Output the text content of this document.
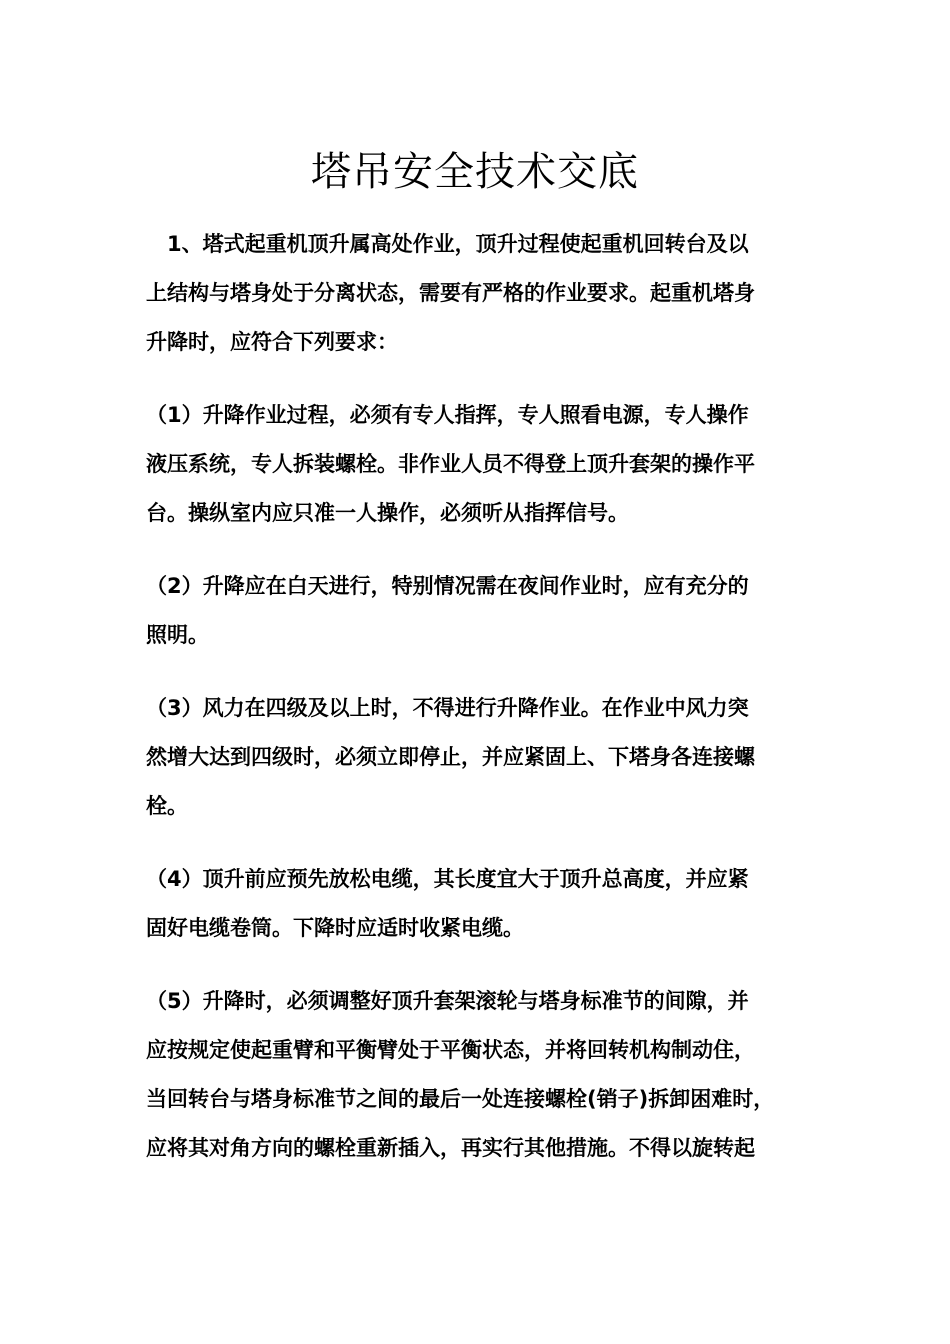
塔吊安全技术交底

　1、塔式起重机顶升属高处作业，顶升过程使起重机回转台及以
上结构与塔身处于分离状态，需要有严格的作业要求。起重机塔身
升降时，应符合下列要求：

（1）升降作业过程，必须有专人指挥，专人照看电源，专人操作
液压系统，专人拆装螺栓。非作业人员不得登上顶升套架的操作平
台。操纵室内应只准一人操作，必须听从指挥信号。

（2）升降应在白天进行，特别情况需在夜间作业时，应有充分的
照明。

（3）风力在四级及以上时，不得进行升降作业。在作业中风力突
然增大达到四级时，必须立即停止，并应紧固上、下塔身各连接螺
栓。

（4）顶升前应预先放松电缆，其长度宜大于顶升总高度，并应紧
固好电缆卷筒。下降时应适时收紧电缆。

（5）升降时，必须调整好顶升套架滚轮与塔身标准节的间隙，并
应按规定使起重臂和平衡臂处于平衡状态，并将回转机构制动住，
当回转台与塔身标准节之间的最后一处连接螺栓(销子)拆卸困难时，
应将其对角方向的螺栓重新插入，再实行其他措施。不得以旋转起
